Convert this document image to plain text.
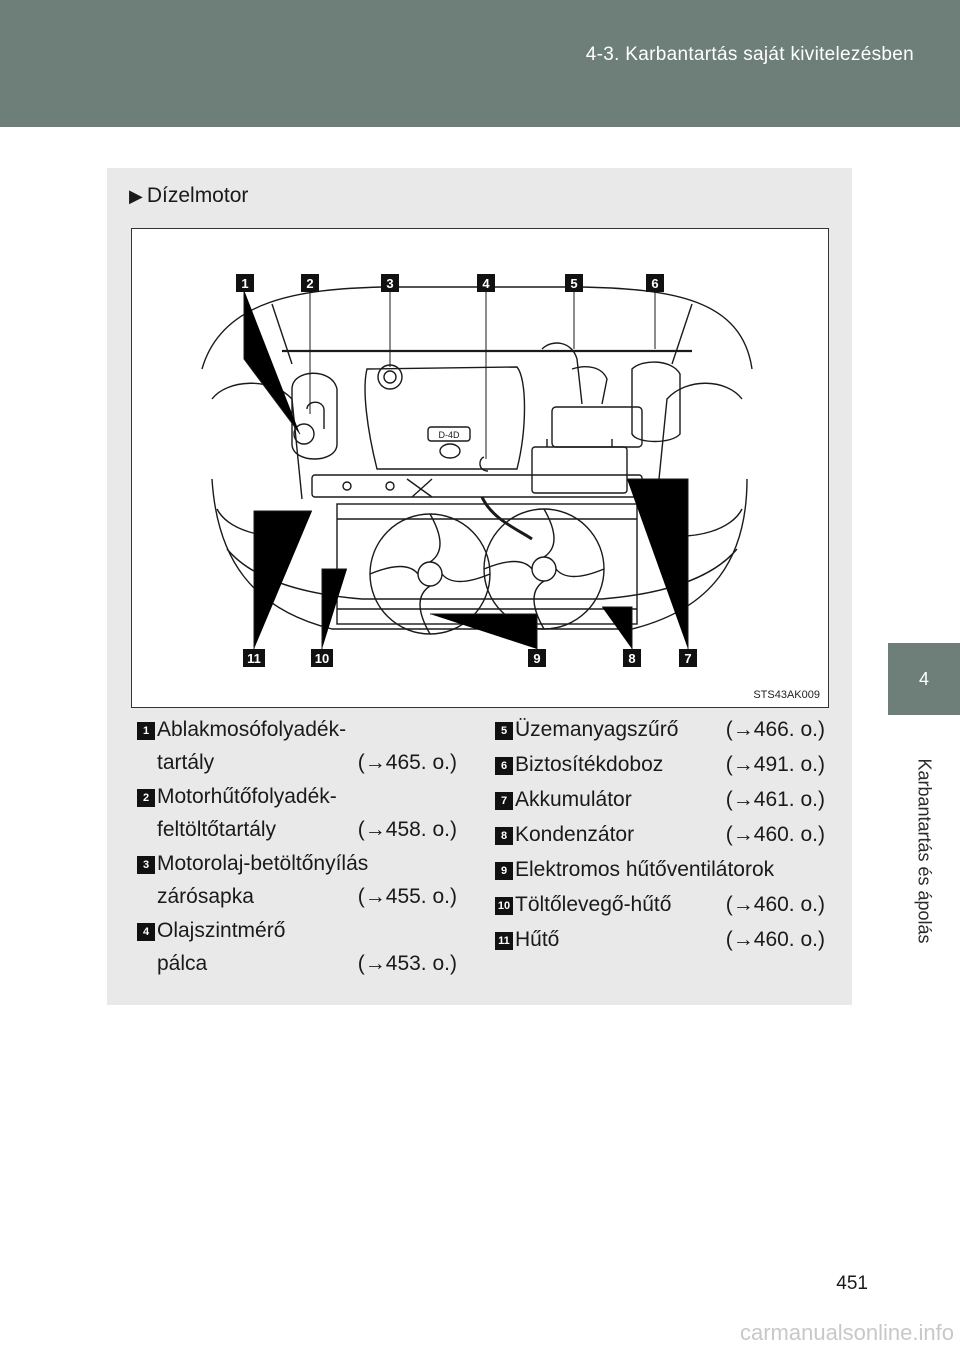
4-3. Karbantartás saját kivitelezésben
4
Karbantartás és ápolás
▶ Dízelmotor
D-4D
1	2	3	4	5	6
11	10	9	8	7
STS43AK009
1 Ablakmosófolyadék-
tartály	(→465. o.)
2 Motorhűtőfolyadék-
feltöltőtartály	(→458. o.)
3 Motorolaj-betöltőnyílás
zárósapka	(→455. o.)
4 Olajszintmérő
pálca	(→453. o.)
5 Üzemanyagszűrő (→466. o.)
6 Biztosítékdoboz	(→491. o.)
7 Akkumulátor	(→461. o.)
8 Kondenzátor	(→460. o.)
9 Elektromos hűtőventilátorok
10 Töltőlevegő-hűtő	(→460. o.)
11 Hűtő	(→460. o.)
451
carmanualsonline.info
